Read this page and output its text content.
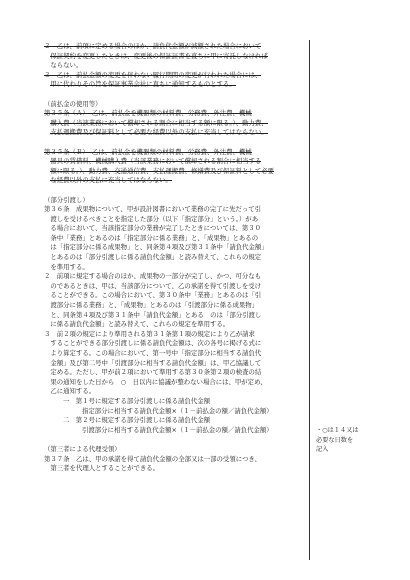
２　乙は、前項に定める場合のほか、請負代金額が減額された場合において
保証契約を変更したときは、変更後の保証証書を直ちに甲に寄託しなければ
ならない。
３　乙は、前払金額の変更を伴わない履行期間の変更が行われた場合には、
甲に代わりその旨を保証事業会社に直ちに通知するものとする。
（前払金の使用等）
第３５条（Ａ）　乙は、前払金を機器類の材料費、労務費、外注費、機械
購入費（当該業務において償却される割合に相当する額に限る。）、動力費、
支払運搬費及び保証料として必要な経費以外の支払に充当してはならない。
第３５条（Ｂ）　乙は、前払金を機器類の材料費、労務費、外注費、機械
器具の賃借料、機械購入費（当該業務において償却される割合に相当する
額に限る。）、動力費、交通通信費、支払運搬費、修繕費及び保証料として必要
な経費以外の支払に充当してはならない。
（部分引渡し）
第３６条　成果物について、甲が設計図書において業務の完了に先だって引
渡しを受けるべきことを指定した部分（以下「指定部分」という。）があ
る場合において、当該指定部分の業務が完了したときについては、第３０
条中「業務」とあるのは「指定部分に係る業務」と、「成果物」とあるの
は「指定部分に係る成果物」と、同条第４項及び第３１条中「請負代金額」
とあるのは「部分引渡しに係る請負代金額」と読み替えて、これらの規定
を準用する。
２　前項に規定する場合のほか、成果物の一部分が完了し、かつ、可分なも
のであるときは、甲は、当該部分について、乙の承諾を得て引渡しを受け
ることができる。この場合において、第３０条中「業務」とあるのは「引
渡部分に係る業務」と、「成果物」とあるのは「引渡部分に係る成果物」
と、同条第４項及び第３１条中「請負代金額」とある　のは「部分引渡し
に係る請負代金額」と読み替えて、これらの規定を準用する。
３　前２項の規定により準用される第３１条第１項の規定により乙が請求
することができる部分引渡しに係る請負代金額は、次の各号に掲げる式に
より算定する。この場合において、第一号中「指定部分に相当する請負代
金額」及び第二号中「引渡部分に相当する請負代金額」は、甲乙協議して
定める。ただし、甲が前２項において準用する第３０条第２項の検査の結
果の通知をした日から　○　日以内に協議が整わない場合には、甲が定め、
乙に通知する。
一　第１号に規定する部分引渡しに係る請負代金額
指定部分に相当する請負代金額×（１－前払金の額／請負代金額）
二　第２号に規定する部分引渡しに係る請負代金額
引渡部分に相当する請負代金額×（１－前払金の額／請負代金額）
（第三者による代理受領）
第３７条　乙は、甲の承諾を得て請負代金額の全部又は一部の受領につき、
第三者を代理人とすることができる。
・○は１４又は
必要な日数を
記入
